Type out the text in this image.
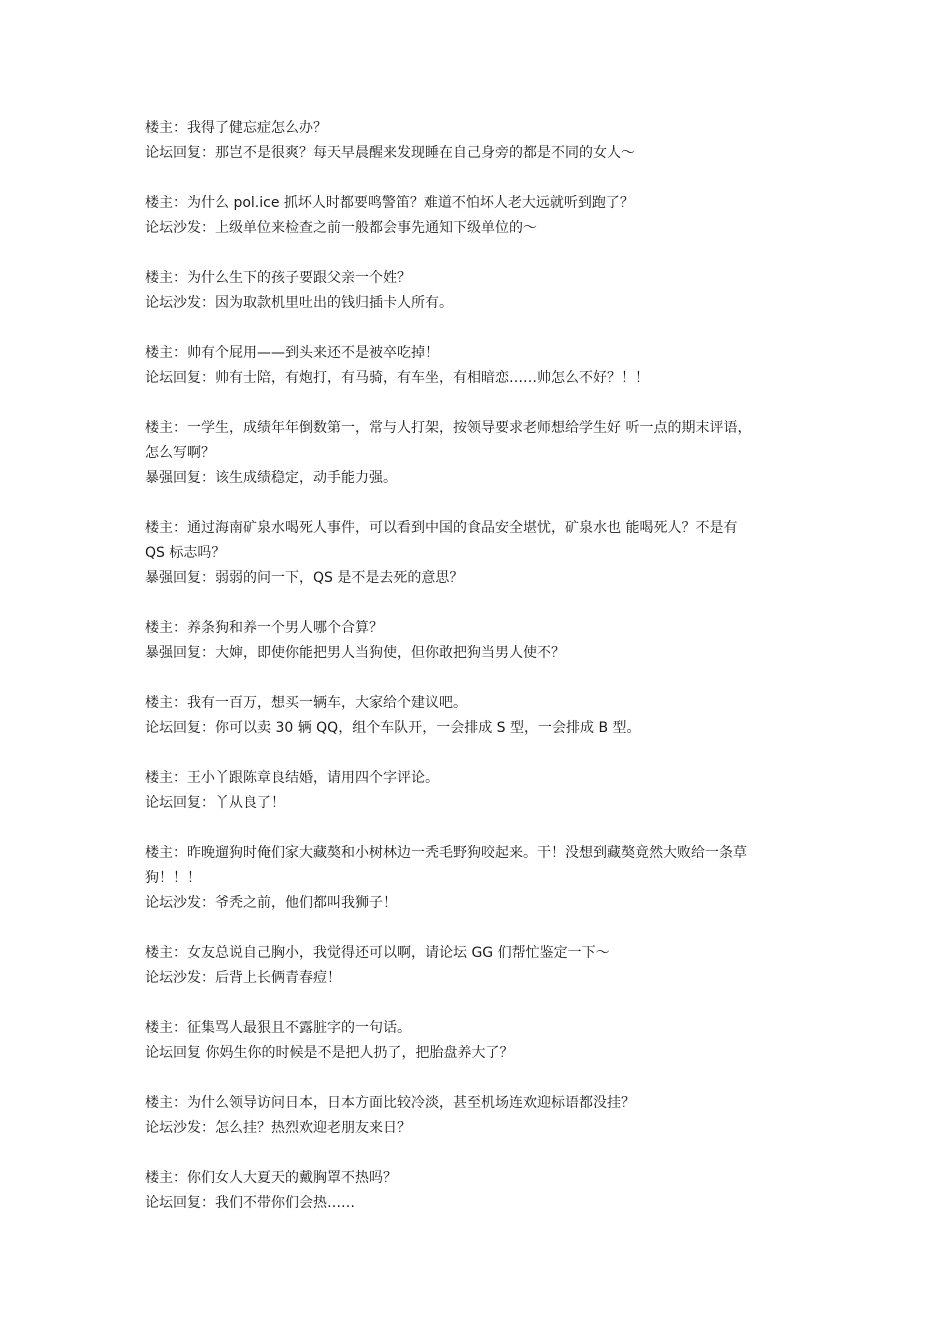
楼主：我得了健忘症怎么办？
论坛回复：那岂不是很爽？每天早晨醒来发现睡在自己身旁的都是不同的女人～
楼主：为什么 pol.ice 抓坏人时都要鸣警笛？难道不怕坏人老大远就听到跑了？
论坛沙发：上级单位来检查之前一般都会事先通知下级单位的～
楼主：为什么生下的孩子要跟父亲一个姓？
论坛沙发：因为取款机里吐出的钱归插卡人所有。
楼主：帅有个屁用——到头来还不是被卒吃掉！
论坛回复：帅有士陪，有炮打，有马骑，有车坐，有相暗恋……帅怎么不好？！！
楼主：一学生，成绩年年倒数第一，常与人打架，按领导要求老师想给学生好 听一点的期末评语，
怎么写啊？
暴强回复：该生成绩稳定，动手能力强。
楼主：通过海南矿泉水喝死人事件，可以看到中国的食品安全堪忧，矿泉水也 能喝死人？不是有
QS 标志吗？
暴强回复：弱弱的问一下，QS 是不是去死的意思？
楼主：养条狗和养一个男人哪个合算？
暴强回复：大婶，即使你能把男人当狗使，但你敢把狗当男人使不？
楼主：我有一百万，想买一辆车，大家给个建议吧。
论坛回复：你可以卖 30 辆 QQ，组个车队开，一会排成 S 型，一会排成 B 型。
楼主：王小丫跟陈章良结婚，请用四个字评论。
论坛回复：丫从良了！
楼主：昨晚遛狗时俺们家大藏獒和小树林边一秃毛野狗咬起来。干！没想到藏獒竟然大败给一条草
狗！！！
论坛沙发：爷秃之前，他们都叫我狮子！
楼主：女友总说自己胸小，我觉得还可以啊，请论坛 GG 们帮忙鉴定一下～
论坛沙发：后背上长俩青春痘！
楼主：征集骂人最狠且不露脏字的一句话。
论坛回复 你妈生你的时候是不是把人扔了，把胎盘养大了？
楼主：为什么领导访问日本，日本方面比较冷淡，甚至机场连欢迎标语都没挂？
论坛沙发：怎么挂？热烈欢迎老朋友来日？
楼主：你们女人大夏天的戴胸罩不热吗？
论坛回复：我们不带你们会热……
